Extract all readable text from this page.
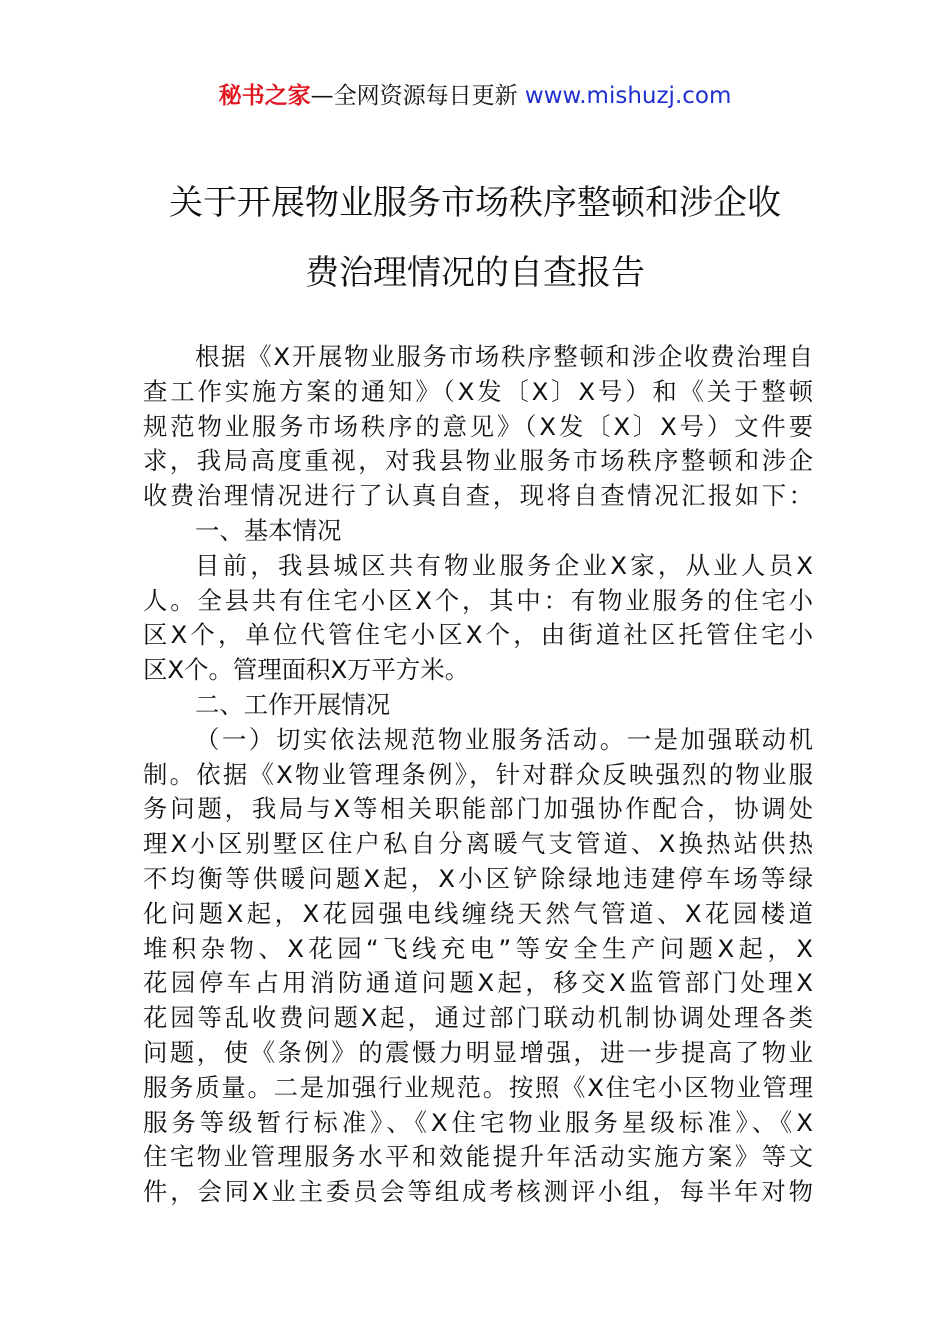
秘书之家—全网资源每日更新 www.mishuzj.com
关于开展物业服务市场秩序整顿和涉企收
费治理情况的自查报告
根据《X开展物业服务市场秩序整顿和涉企收费治理自
查工作实施方案的通知》（X发〔X〕X号）和《关于整顿
规范物业服务市场秩序的意见》（X发〔X〕X号）文件要
求，我局高度重视，对我县物业服务市场秩序整顿和涉企
收费治理情况进行了认真自查，现将自查情况汇报如下：
一、基本情况
目前，我县城区共有物业服务企业X家，从业人员X
人。全县共有住宅小区X个，其中：有物业服务的住宅小
区X个，单位代管住宅小区X个，由街道社区托管住宅小
区X个。管理面积X万平方米。
二、工作开展情况
（一）切实依法规范物业服务活动。一是加强联动机
制。依据《X物业管理条例》，针对群众反映强烈的物业服
务问题，我局与X等相关职能部门加强协作配合，协调处
理X小区别墅区住户私自分离暖气支管道、X换热站供热
不均衡等供暖问题X起，X小区铲除绿地违建停车场等绿
化问题X起，X花园强电线缠绕天然气管道、X花园楼道
堆积杂物、X花园“飞线充电”等安全生产问题X起，X
花园停车占用消防通道问题X起，移交X监管部门处理X
花园等乱收费问题X起，通过部门联动机制协调处理各类
问题，使《条例》的震慑力明显增强，进一步提高了物业
服务质量。二是加强行业规范。按照《X住宅小区物业管理
服务等级暂行标准》、《X住宅物业服务星级标准》、《X
住宅物业管理服务水平和效能提升年活动实施方案》等文
件，会同X业主委员会等组成考核测评小组，每半年对物
